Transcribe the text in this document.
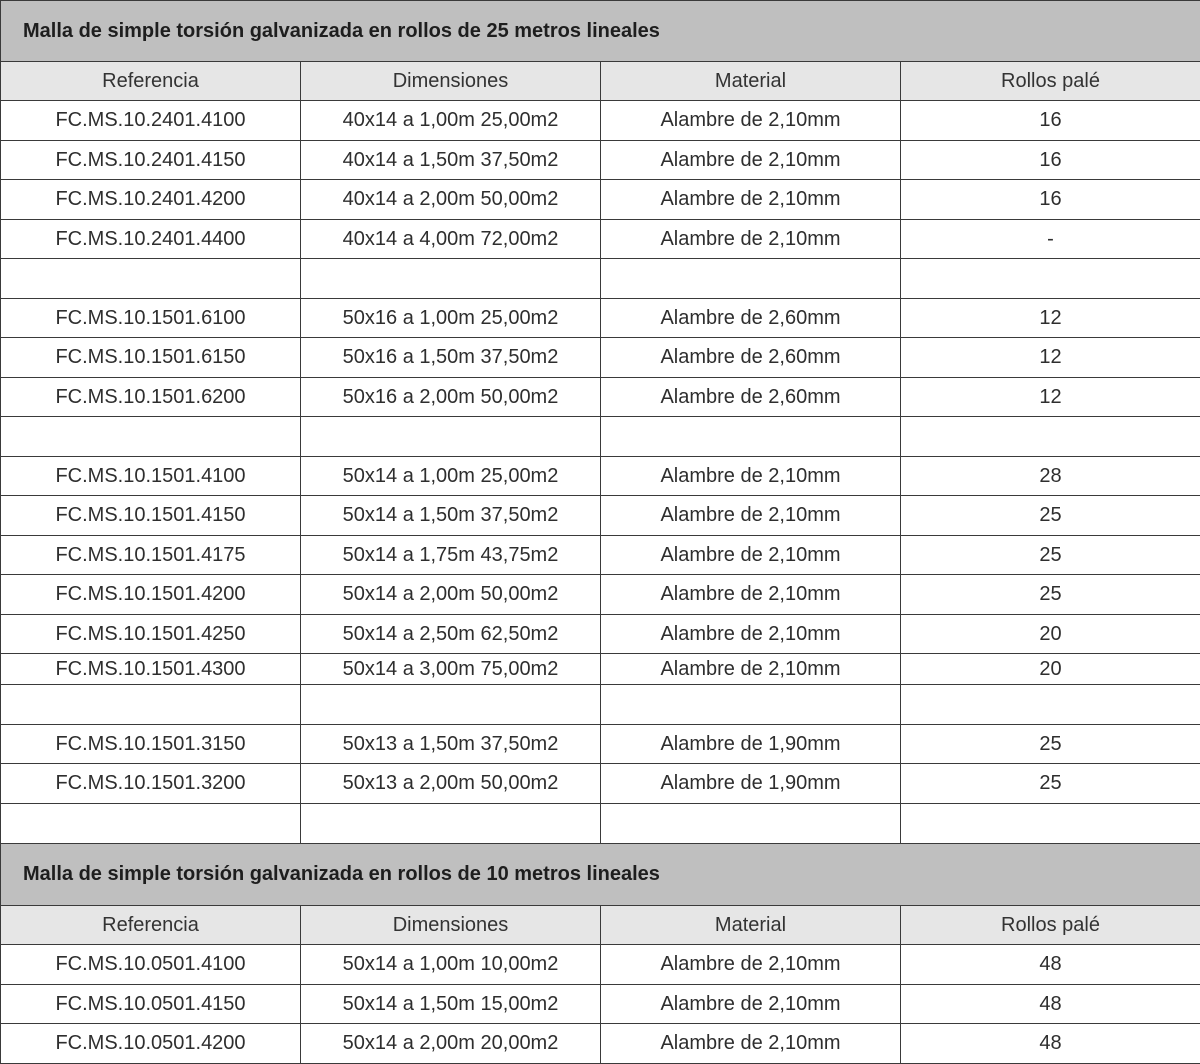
Malla de simple torsión galvanizada en rollos de 25 metros lineales			
Referencia	Dimensiones	Material	Rollos palé
FC.MS.10.2401.4100	40x14 a 1,00m 25,00m2	Alambre de 2,10mm	16
FC.MS.10.2401.4150	40x14 a 1,50m 37,50m2	Alambre de 2,10mm	16
FC.MS.10.2401.4200	40x14 a 2,00m 50,00m2	Alambre de 2,10mm	16
FC.MS.10.2401.4400	40x14 a 4,00m 72,00m2	Alambre de 2,10mm	-

FC.MS.10.1501.6100	50x16 a 1,00m 25,00m2	Alambre de 2,60mm	12
FC.MS.10.1501.6150	50x16 a 1,50m 37,50m2	Alambre de 2,60mm	12
FC.MS.10.1501.6200	50x16 a 2,00m 50,00m2	Alambre de 2,60mm	12

FC.MS.10.1501.4100	50x14 a 1,00m 25,00m2	Alambre de 2,10mm	28
FC.MS.10.1501.4150	50x14 a 1,50m 37,50m2	Alambre de 2,10mm	25
FC.MS.10.1501.4175	50x14 a 1,75m 43,75m2	Alambre de 2,10mm	25
FC.MS.10.1501.4200	50x14 a 2,00m 50,00m2	Alambre de 2,10mm	25
FC.MS.10.1501.4250	50x14 a 2,50m 62,50m2	Alambre de 2,10mm	20
FC.MS.10.1501.4300	50x14 a 3,00m 75,00m2	Alambre de 2,10mm	20

FC.MS.10.1501.3150	50x13 a 1,50m 37,50m2	Alambre de 1,90mm	25
FC.MS.10.1501.3200	50x13 a 2,00m 50,00m2	Alambre de 1,90mm	25

Malla de simple torsión galvanizada en rollos de 10 metros lineales			
Referencia	Dimensiones	Material	Rollos palé
FC.MS.10.0501.4100	50x14 a 1,00m 10,00m2	Alambre de 2,10mm	48
FC.MS.10.0501.4150	50x14 a 1,50m 15,00m2	Alambre de 2,10mm	48
FC.MS.10.0501.4200	50x14 a 2,00m 20,00m2	Alambre de 2,10mm	48
